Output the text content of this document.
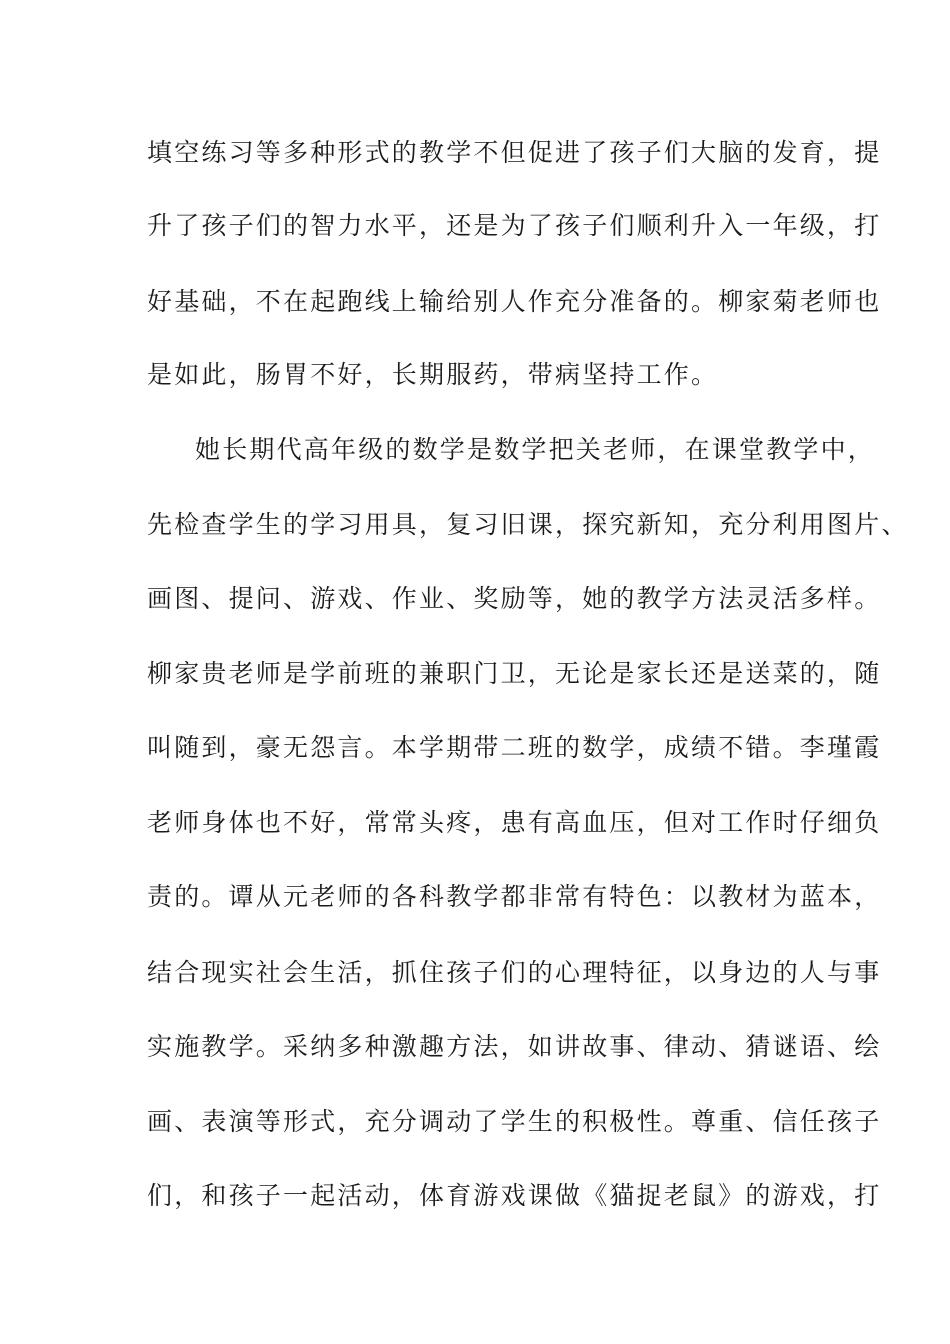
填空练习等多种形式的教学不但促进了孩子们大脑的发育，提
升了孩子们的智力水平，还是为了孩子们顺利升入一年级，打
好基础，不在起跑线上输给别人作充分准备的。柳家菊老师也
是如此，肠胃不好，长期服药，带病坚持工作。
她长期代高年级的数学是数学把关老师，在课堂教学中，
先检查学生的学习用具，复习旧课，探究新知，充分利用图片、
画图、提问、游戏、作业、奖励等，她的教学方法灵活多样。
柳家贵老师是学前班的兼职门卫，无论是家长还是送菜的，随
叫随到，豪无怨言。本学期带二班的数学，成绩不错。李瑾霞
老师身体也不好，常常头疼，患有高血压，但对工作时仔细负
责的。谭从元老师的各科教学都非常有特色：以教材为蓝本，
结合现实社会生活，抓住孩子们的心理特征，以身边的人与事
实施教学。采纳多种激趣方法，如讲故事、律动、猜谜语、绘
画、表演等形式，充分调动了学生的积极性。尊重、信任孩子
们，和孩子一起活动，体育游戏课做《猫捉老鼠》的游戏，打
